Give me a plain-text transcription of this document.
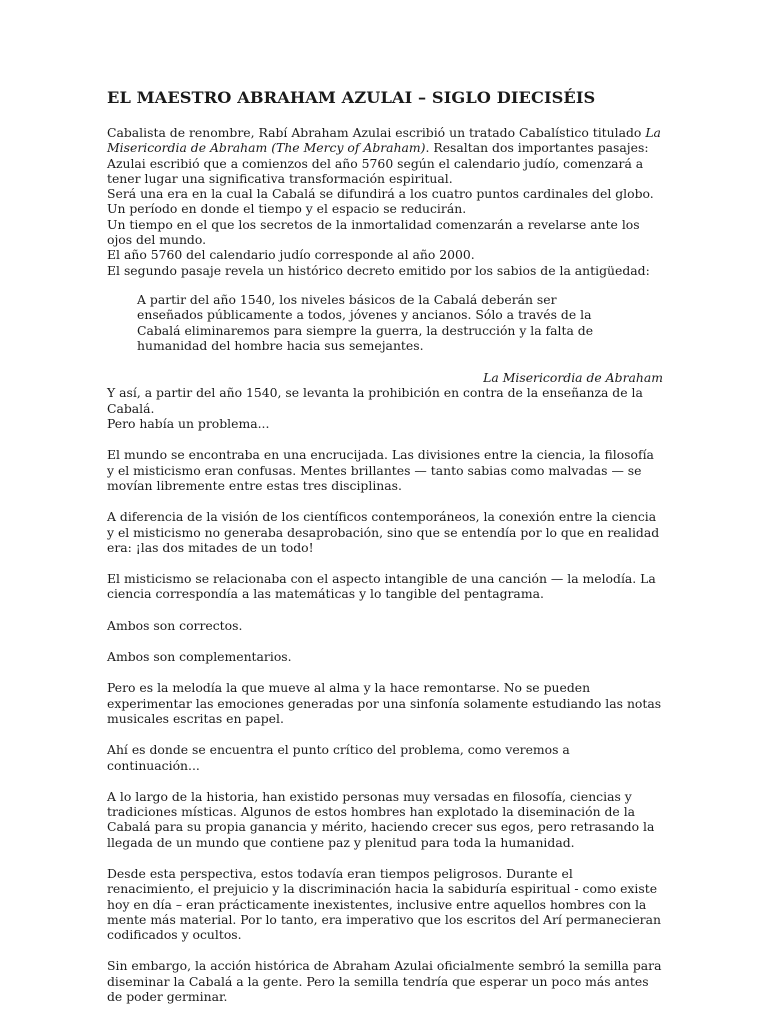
EL MAESTRO ABRAHAM AZULAI – SIGLO DIECISÉIS

Cabalista de renombre, Rabí Abraham Azulai escribió un tratado Cabalístico titulado La Misericordia de Abraham (The Mercy of Abraham). Resaltan dos importantes pasajes:

Azulai escribió que a comienzos del año 5760 según el calendario judío, comenzará a tener lugar una significativa transformación espiritual.

Será una era en la cual la Cabalá se difundirá a los cuatro puntos cardinales del globo.

Un período en donde el tiempo y el espacio se reducirán.

Un tiempo en el que los secretos de la inmortalidad comenzarán a revelarse ante los ojos del mundo.

El año 5760 del calendario judío corresponde al año 2000.

El segundo pasaje revela un histórico decreto emitido por los sabios de la antigüedad:

A partir del año 1540, los niveles básicos de la Cabalá deberán ser enseñados públicamente a todos, jóvenes y ancianos. Sólo a través de la Cabalá eliminaremos para siempre la guerra, la destrucción y la falta de humanidad del hombre hacia sus semejantes.

La Misericordia de Abraham

Y así, a partir del año 1540, se levanta la prohibición en contra de la enseñanza de la Cabalá.

Pero había un problema...

El mundo se encontraba en una encrucijada. Las divisiones entre la ciencia, la filosofía y el misticismo eran confusas. Mentes brillantes — tanto sabias como malvadas — se movían libremente entre estas tres disciplinas.

A diferencia de la visión de los científicos contemporáneos, la conexión entre la ciencia y el misticismo no generaba desaprobación, sino que se entendía por lo que en realidad era: ¡las dos mitades de un todo!

El misticismo se relacionaba con el aspecto intangible de una canción — la melodía. La ciencia correspondía a las matemáticas y lo tangible del pentagrama.

Ambos son correctos.

Ambos son complementarios.

Pero es la melodía la que mueve al alma y la hace remontarse. No se pueden experimentar las emociones generadas por una sinfonía solamente estudiando las notas musicales escritas en papel.

Ahí es donde se encuentra el punto crítico del problema, como veremos a continuación...

A lo largo de la historia, han existido personas muy versadas en filosofía, ciencias y tradiciones místicas. Algunos de estos hombres han explotado la diseminación de la Cabalá para su propia ganancia y mérito, haciendo crecer sus egos, pero retrasando la llegada de un mundo que contiene paz y plenitud para toda la humanidad.

Desde esta perspectiva, estos todavía eran tiempos peligrosos. Durante el renacimiento, el prejuicio y la discriminación hacia la sabiduría espiritual - como existe hoy en día – eran prácticamente inexistentes, inclusive entre aquellos hombres con la mente más material. Por lo tanto, era imperativo que los escritos del Arí permanecieran codificados y ocultos.

Sin embargo, la acción histórica de Abraham Azulai oficialmente sembró la semilla para diseminar la Cabalá a la gente. Pero la semilla tendría que esperar un poco más antes de poder germinar.
